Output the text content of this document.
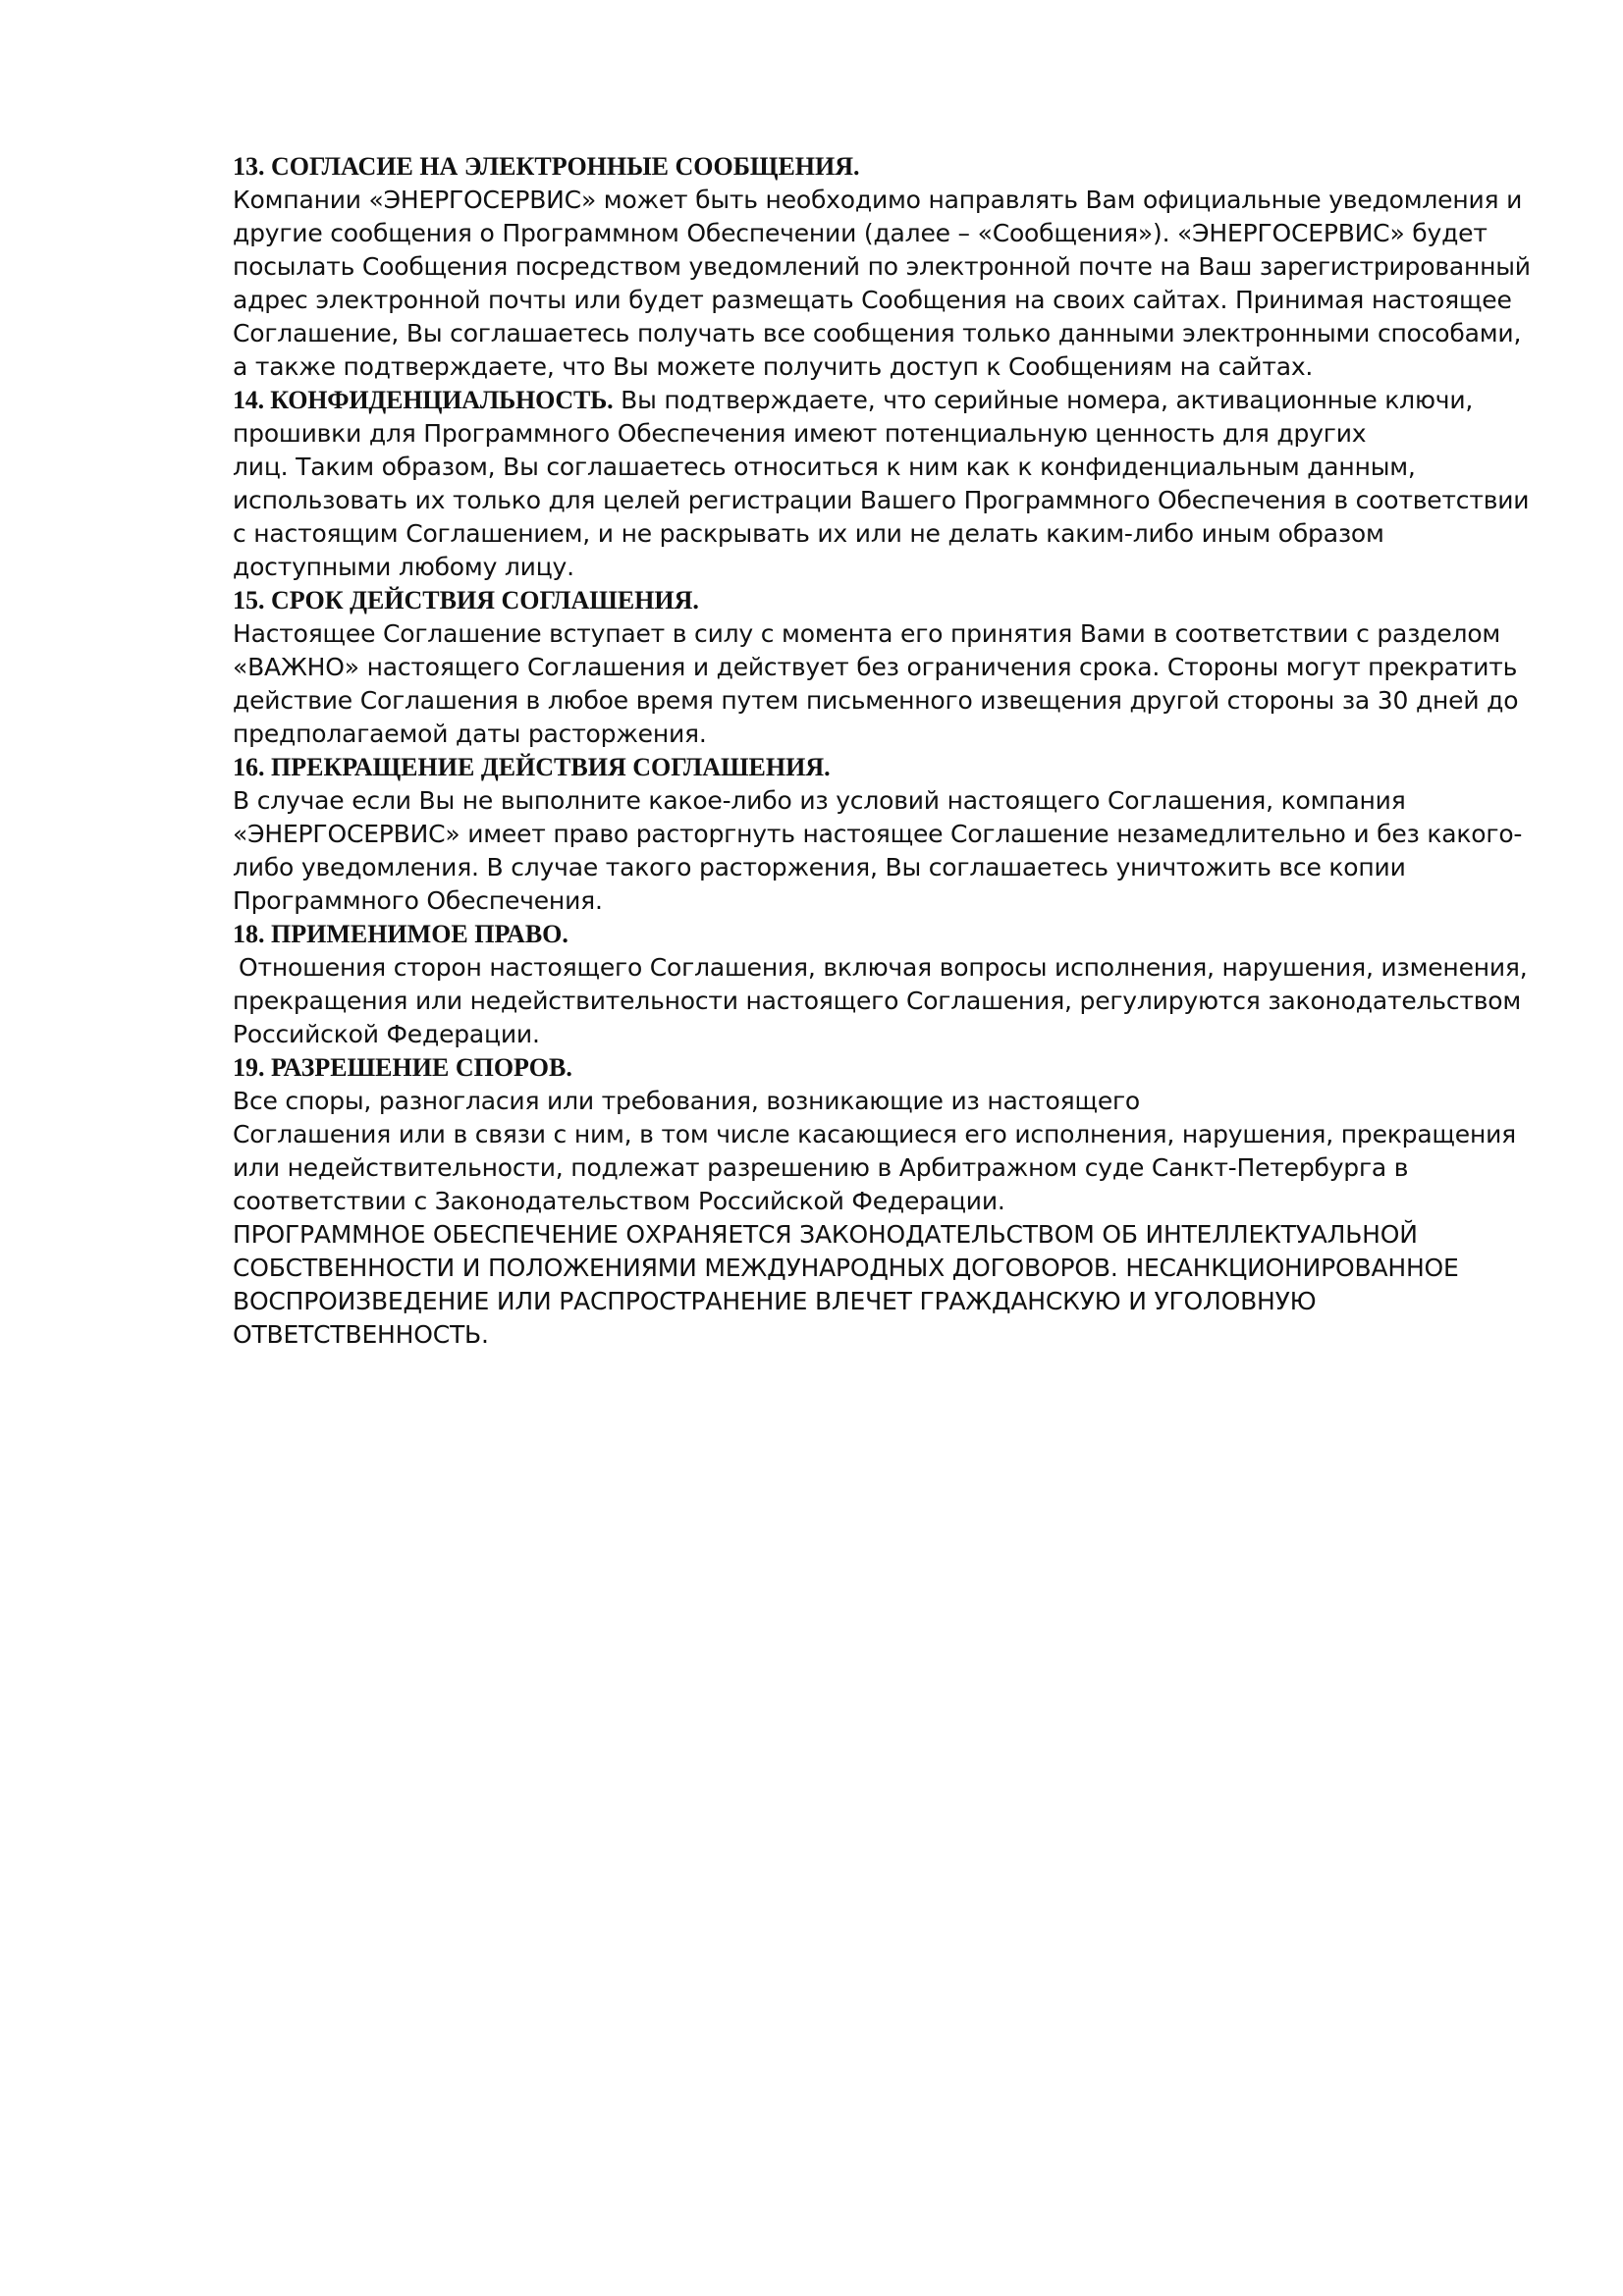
13. СОГЛАСИЕ НА ЭЛЕКТРОННЫЕ СООБЩЕНИЯ.
Компании «ЭНЕРГОСЕРВИС» может быть необходимо направлять Вам официальные уведомления и
другие сообщения о Программном Обеспечении (далее – «Сообщения»). «ЭНЕРГОСЕРВИС» будет
посылать Сообщения посредством уведомлений по электронной почте на Ваш зарегистрированный
адрес электронной почты или будет размещать Сообщения на своих сайтах. Принимая настоящее
Соглашение, Вы соглашаетесь получать все сообщения только данными электронными способами,
а также подтверждаете, что Вы можете получить доступ к Сообщениям на сайтах.
14. КОНФИДЕНЦИАЛЬНОСТЬ. Вы подтверждаете, что серийные номера, активационные ключи,
прошивки для Программного Обеспечения имеют потенциальную ценность для других
лиц. Таким образом, Вы соглашаетесь относиться к ним как к конфиденциальным данным,
использовать их только для целей регистрации Вашего Программного Обеспечения в соответствии
с настоящим Соглашением, и не раскрывать их или не делать каким-либо иным образом
доступными любому лицу.
15. СРОК ДЕЙСТВИЯ СОГЛАШЕНИЯ.
Настоящее Соглашение вступает в силу с момента его принятия Вами в соответствии с разделом
«ВАЖНО» настоящего Соглашения и действует без ограничения срока. Стороны могут прекратить
действие Соглашения в любое время путем письменного извещения другой стороны за 30 дней до
предполагаемой даты расторжения.
16. ПРЕКРАЩЕНИЕ ДЕЙСТВИЯ СОГЛАШЕНИЯ.
В случае если Вы не выполните какое-либо из условий настоящего Соглашения, компания
«ЭНЕРГОСЕРВИС» имеет право расторгнуть настоящее Соглашение незамедлительно и без какого-
либо уведомления. В случае такого расторжения, Вы соглашаетесь уничтожить все копии
Программного Обеспечения.
18. ПРИМЕНИМОЕ ПРАВО.
Отношения сторон настоящего Соглашения, включая вопросы исполнения, нарушения, изменения,
прекращения или недействительности настоящего Соглашения, регулируются законодательством
Российской Федерации.
19. РАЗРЕШЕНИЕ СПОРОВ.
Все споры, разногласия или требования, возникающие из настоящего
Соглашения или в связи с ним, в том числе касающиеся его исполнения, нарушения, прекращения
или недействительности, подлежат разрешению в Арбитражном суде Санкт-Петербурга в
соответствии с Законодательством Российской Федерации.
ПРОГРАММНОЕ ОБЕСПЕЧЕНИЕ ОХРАНЯЕТСЯ ЗАКОНОДАТЕЛЬСТВОМ ОБ ИНТЕЛЛЕКТУАЛЬНОЙ
СОБСТВЕННОСТИ И ПОЛОЖЕНИЯМИ МЕЖДУНАРОДНЫХ ДОГОВОРОВ. НЕСАНКЦИОНИРОВАННОЕ
ВОСПРОИЗВЕДЕНИЕ ИЛИ РАСПРОСТРАНЕНИЕ ВЛЕЧЕТ ГРАЖДАНСКУЮ И УГОЛОВНУЮ
ОТВЕТСТВЕННОСТЬ.
